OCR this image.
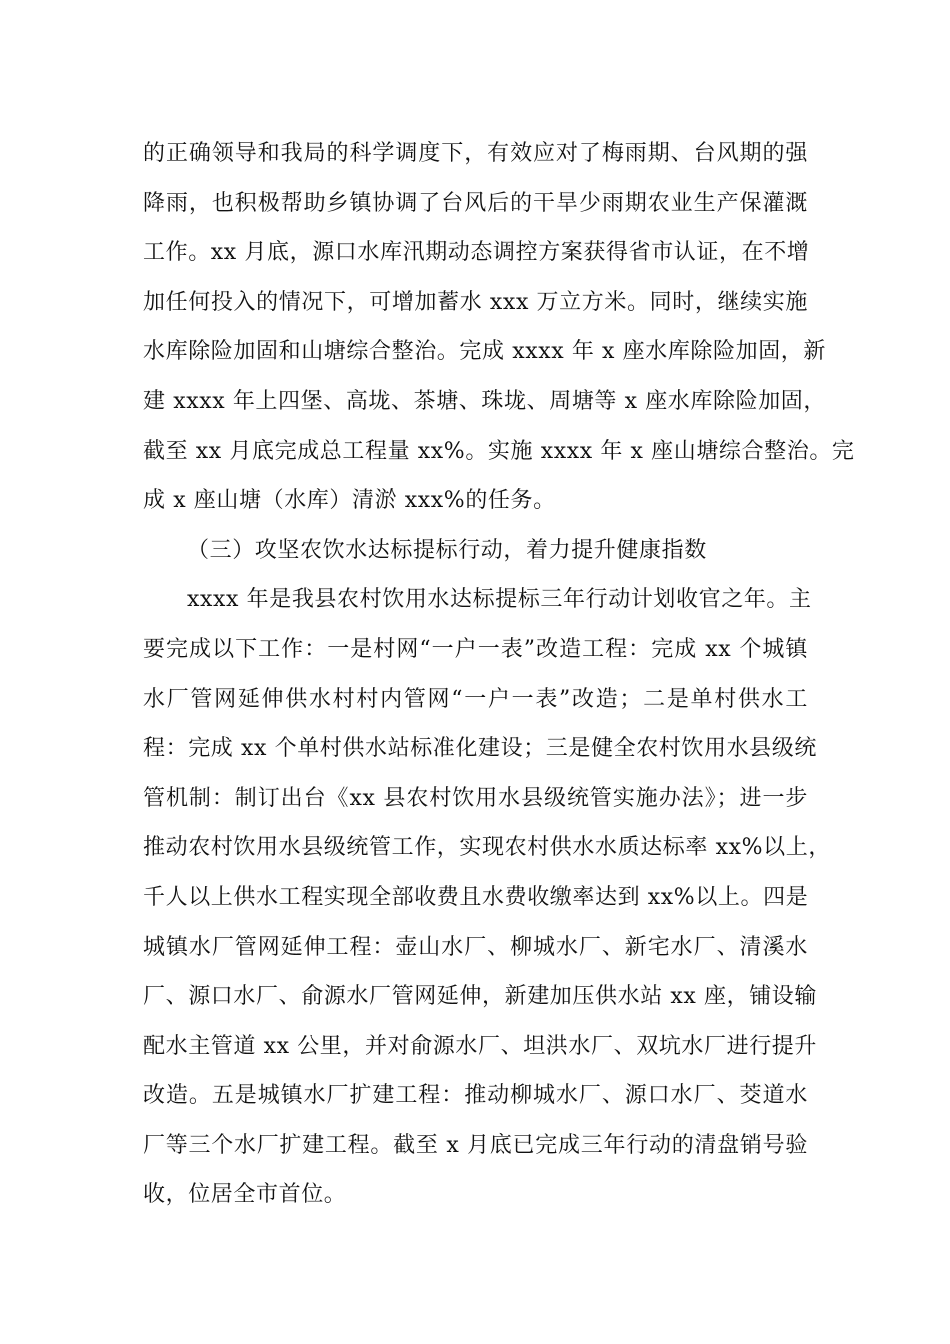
的正确领导和我局的科学调度下，有效应对了梅雨期、台风期的强
降雨，也积极帮助乡镇协调了台风后的干旱少雨期农业生产保灌溉
工作。xx 月底，源口水库汛期动态调控方案获得省市认证，在不增
加任何投入的情况下，可增加蓄水 xxx 万立方米。同时，继续实施
水库除险加固和山塘综合整治。完成 xxxx 年 x 座水库除险加固，新
建 xxxx 年上四堡、高垅、茶塘、珠垅、周塘等 x 座水库除险加固，
截至 xx 月底完成总工程量 xx%。实施 xxxx 年 x 座山塘综合整治。完
成 x 座山塘（水库）清淤 xxx%的任务。
（三）攻坚农饮水达标提标行动，着力提升健康指数
xxxx 年是我县农村饮用水达标提标三年行动计划收官之年。主
要完成以下工作：一是村网“一户一表”改造工程：完成 xx 个城镇
水厂管网延伸供水村村内管网“一户一表”改造；二是单村供水工
程：完成 xx 个单村供水站标准化建设；三是健全农村饮用水县级统
管机制：制订出台《xx 县农村饮用水县级统管实施办法》；进一步
推动农村饮用水县级统管工作，实现农村供水水质达标率 xx%以上，
千人以上供水工程实现全部收费且水费收缴率达到 xx%以上。四是
城镇水厂管网延伸工程：壶山水厂、柳城水厂、新宅水厂、清溪水
厂、源口水厂、俞源水厂管网延伸，新建加压供水站 xx 座，铺设输
配水主管道 xx 公里，并对俞源水厂、坦洪水厂、双坑水厂进行提升
改造。五是城镇水厂扩建工程：推动柳城水厂、源口水厂、茭道水
厂等三个水厂扩建工程。截至 x 月底已完成三年行动的清盘销号验
收，位居全市首位。
